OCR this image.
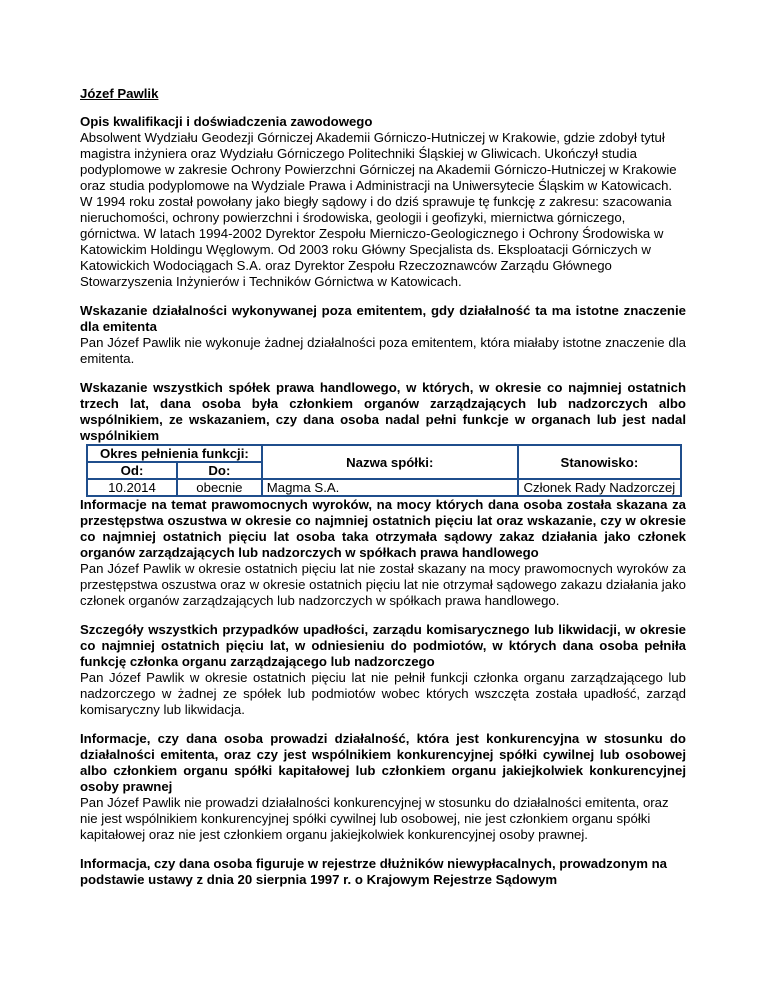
Józef Pawlik

Opis kwalifikacji i doświadczenia zawodowego

Absolwent Wydziału Geodezji Górniczej Akademii Górniczo-Hutniczej w Krakowie, gdzie zdobył tytuł magistra inżyniera oraz Wydziału Górniczego Politechniki Śląskiej w Gliwicach. Ukończył studia podyplomowe w zakresie Ochrony Powierzchni Górniczej na Akademii Górniczo-Hutniczej w Krakowie oraz studia podyplomowe na Wydziale Prawa i Administracji na Uniwersytecie Śląskim w Katowicach. W 1994 roku został powołany jako biegły sądowy i do dziś sprawuje tę funkcję z zakresu: szacowania nieruchomości, ochrony powierzchni i środowiska, geologii i geofizyki, miernictwa górniczego, górnictwa. W latach 1994-2002 Dyrektor Zespołu Mierniczo-Geologicznego i Ochrony Środowiska w Katowickim Holdingu Węglowym. Od 2003 roku Główny Specjalista ds. Eksploatacji Górniczych w Katowickich Wodociągach S.A. oraz Dyrektor Zespołu Rzeczoznawców Zarządu Głównego Stowarzyszenia Inżynierów i Techników Górnictwa w Katowicach.

Wskazanie działalności wykonywanej poza emitentem, gdy działalność ta ma istotne znaczenie dla emitenta

Pan Józef Pawlik nie wykonuje żadnej działalności poza emitentem, która miałaby istotne znaczenie dla emitenta.

Wskazanie wszystkich spółek prawa handlowego, w których, w okresie co najmniej ostatnich trzech lat, dana osoba była członkiem organów zarządzających lub nadzorczych albo wspólnikiem, ze wskazaniem, czy dana osoba nadal pełni funkcje w organach lub jest nadal wspólnikiem

Okres pełnienia funkcji:		Nazwa spółki:	Stanowisko:
Od:	Do:		
10.2014	obecnie	Magma S.A.	Członek Rady Nadzorczej

Informacje na temat prawomocnych wyroków, na mocy których dana osoba została skazana za przestępstwa oszustwa w okresie co najmniej ostatnich pięciu lat oraz wskazanie, czy w okresie co najmniej ostatnich pięciu lat osoba taka otrzymała sądowy zakaz działania jako członek organów zarządzających lub nadzorczych w spółkach prawa handlowego

Pan Józef Pawlik w okresie ostatnich pięciu lat nie został skazany na mocy prawomocnych wyroków za przestępstwa oszustwa oraz w okresie ostatnich pięciu lat nie otrzymał sądowego zakazu działania jako członek organów zarządzających lub nadzorczych w spółkach prawa handlowego.

Szczegóły wszystkich przypadków upadłości, zarządu komisarycznego lub likwidacji, w okresie co najmniej ostatnich pięciu lat, w odniesieniu do podmiotów, w których dana osoba pełniła funkcję członka organu zarządzającego lub nadzorczego

Pan Józef Pawlik w okresie ostatnich pięciu lat nie pełnił funkcji członka organu zarządzającego lub nadzorczego w żadnej ze spółek lub podmiotów wobec których wszczęta została upadłość, zarząd komisaryczny lub likwidacja.

Informacje, czy dana osoba prowadzi działalność, która jest konkurencyjna w stosunku do działalności emitenta, oraz czy jest wspólnikiem konkurencyjnej spółki cywilnej lub osobowej albo członkiem organu spółki kapitałowej lub członkiem organu jakiejkolwiek konkurencyjnej osoby prawnej

Pan Józef Pawlik nie prowadzi działalności konkurencyjnej w stosunku do działalności emitenta, oraz nie jest wspólnikiem konkurencyjnej spółki cywilnej lub osobowej, nie jest członkiem organu spółki kapitałowej oraz nie jest członkiem organu jakiejkolwiek konkurencyjnej osoby prawnej.

Informacja, czy dana osoba figuruje w rejestrze dłużników niewypłacalnych, prowadzonym na podstawie ustawy z dnia 20 sierpnia 1997 r. o Krajowym Rejestrze Sądowym
